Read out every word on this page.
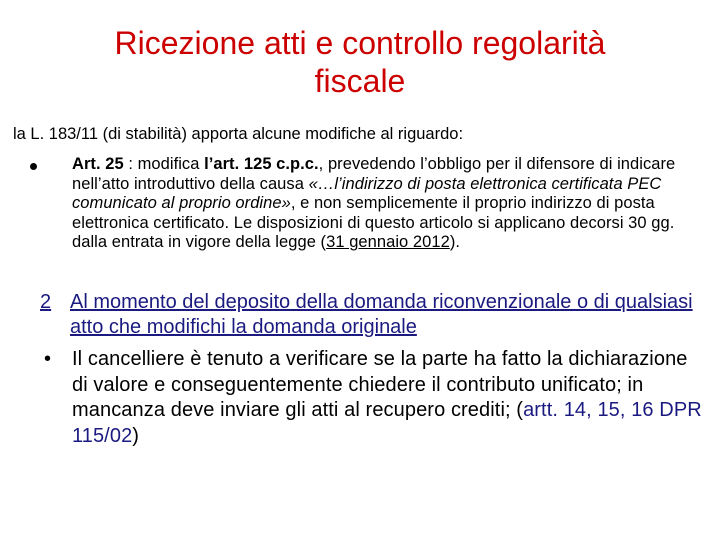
Ricezione atti e controllo regolarità
fiscale
la L. 183/11 (di stabilità) apporta alcune modifiche al riguardo:
Art. 25 : modifica l’art. 125 c.p.c., prevedendo l’obbligo per il difensore di indicare nell’atto introduttivo della causa «…l’indirizzo di posta elettronica certificata PEC comunicato al proprio ordine», e non semplicemente il proprio indirizzo di posta elettronica certificato. Le disposizioni di questo articolo si applicano decorsi 30 gg. dalla entrata in vigore della legge (31 gennaio 2012).
2 Al momento del deposito della domanda riconvenzionale o di qualsiasi atto che modifichi la domanda originale
• Il cancelliere è tenuto a verificare se la parte ha fatto la dichiarazione di valore e conseguentemente chiedere il contributo unificato; in mancanza deve inviare gli atti al recupero crediti; (artt. 14, 15, 16 DPR 115/02)
